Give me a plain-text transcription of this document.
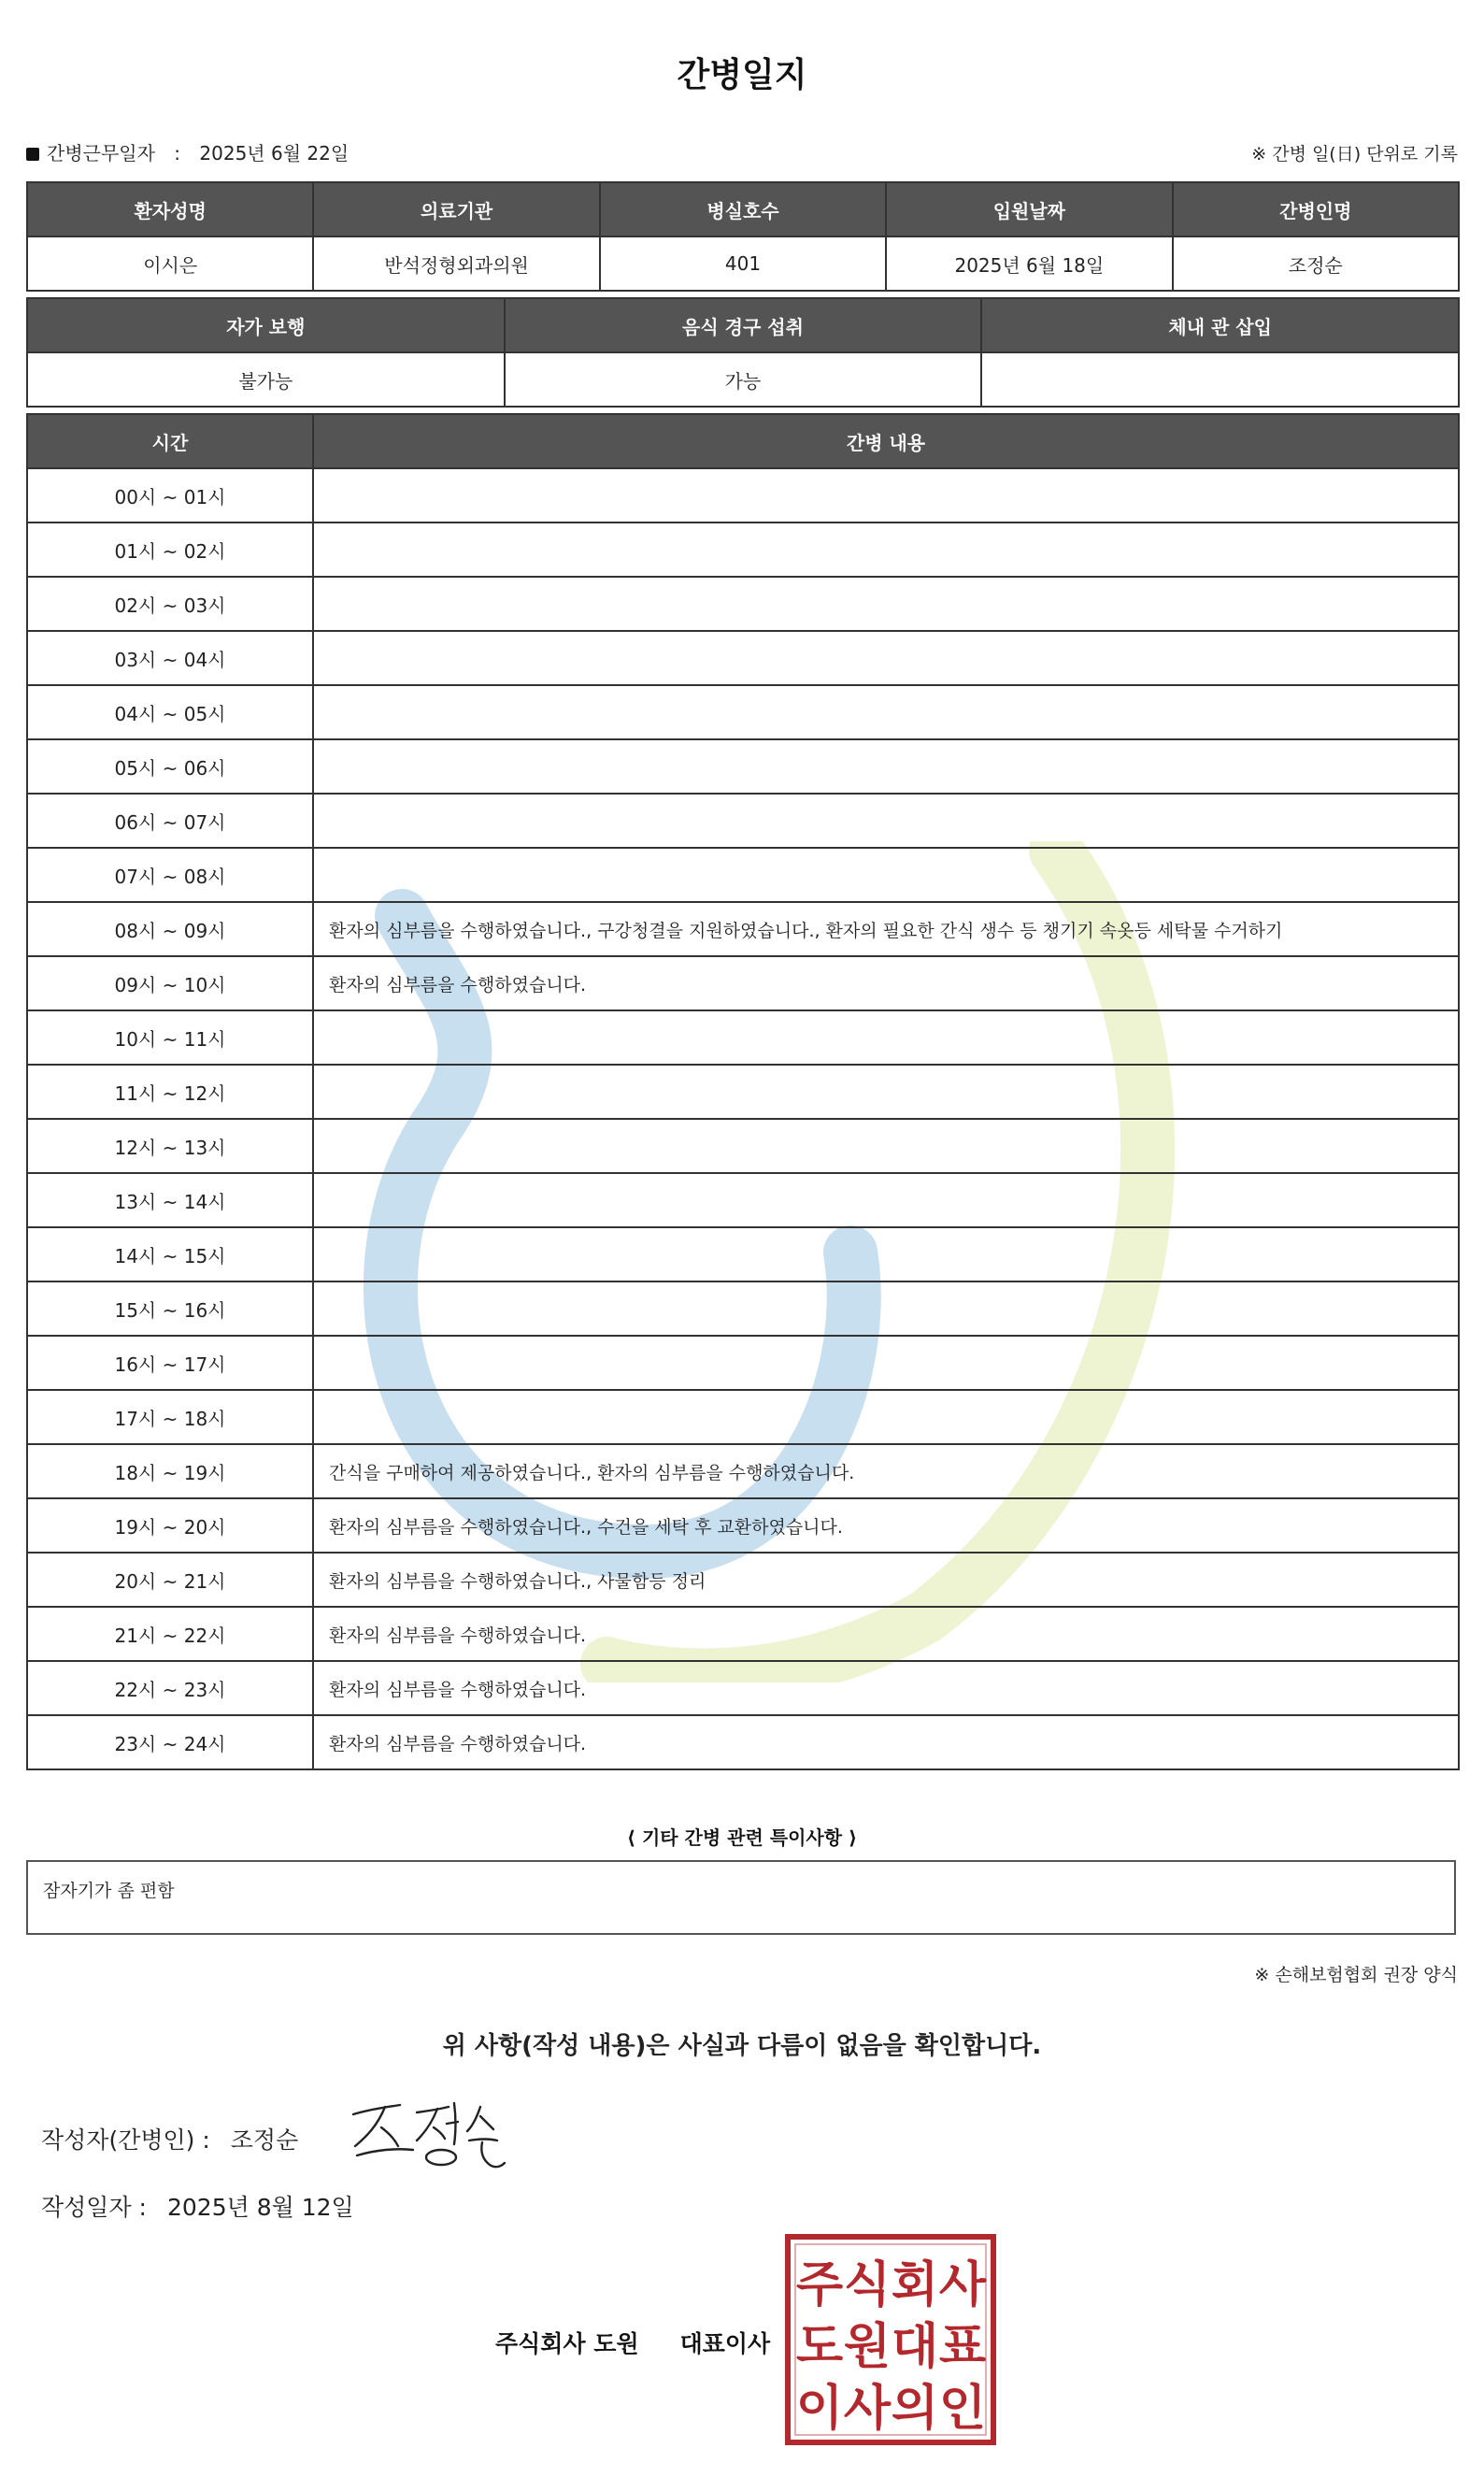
간병일지
간병근무일자 : 2025년 6월 22일	※ 간병 일(日) 단위로 기록
환자성명	의료기관	병실호수	입원날짜	간병인명
이시은	반석정형외과의원	401	2025년 6월 18일	조정순
자가 보행	음식 경구 섭취	체내 관 삽입
불가능	가능	
시간	간병 내용
00시 ~ 01시	
01시 ~ 02시	
02시 ~ 03시	
03시 ~ 04시	
04시 ~ 05시	
05시 ~ 06시	
06시 ~ 07시	
07시 ~ 08시	
08시 ~ 09시	환자의 심부름을 수행하였습니다., 구강청결을 지원하였습니다., 환자의 필요한 간식 생수 등 챙기기 속옷등 세탁물 수거하기
09시 ~ 10시	환자의 심부름을 수행하였습니다.
10시 ~ 11시	
11시 ~ 12시	
12시 ~ 13시	
13시 ~ 14시	
14시 ~ 15시	
15시 ~ 16시	
16시 ~ 17시	
17시 ~ 18시	
18시 ~ 19시	간식을 구매하여 제공하였습니다., 환자의 심부름을 수행하였습니다.
19시 ~ 20시	환자의 심부름을 수행하였습니다., 수건을 세탁 후 교환하였습니다.
20시 ~ 21시	환자의 심부름을 수행하였습니다., 사물함등 정리
21시 ~ 22시	환자의 심부름을 수행하였습니다.
22시 ~ 23시	환자의 심부름을 수행하였습니다.
23시 ~ 24시	환자의 심부름을 수행하였습니다.
⟨ 기타 간병 관련 특이사항 ⟩
잠자기가 좀 편함
※ 손해보험협회 권장 양식
위 사항(작성 내용)은 사실과 다름이 없음을 확인합니다.
작성자(간병인) : 조정순
작성일자 : 2025년 8월 12일
주식회사 도원 대표이사
주 식 회 사
도 원 대 표
이 사 의 인
